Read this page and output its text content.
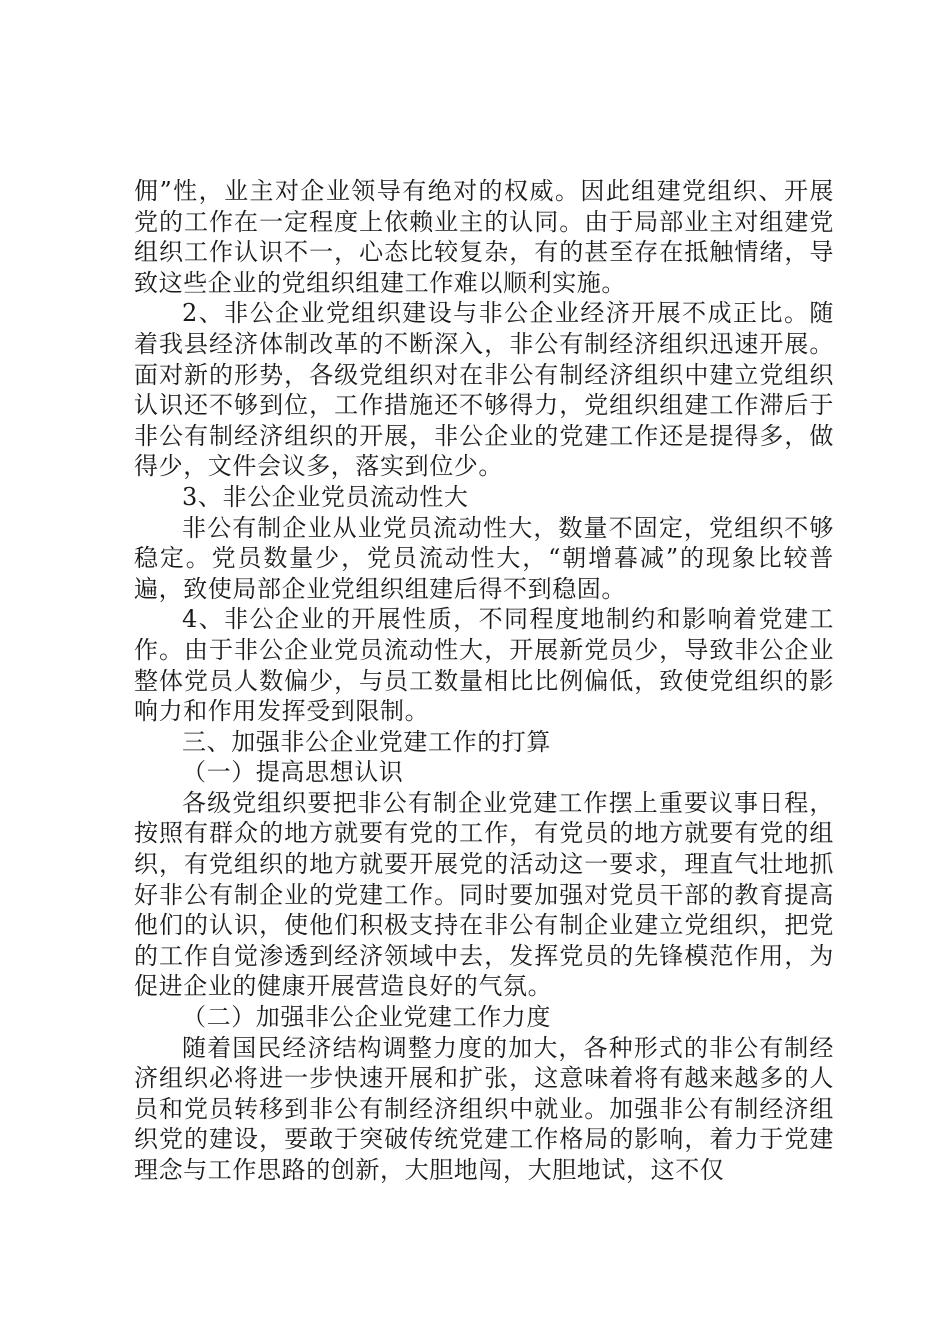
佣”性，业主对企业领导有绝对的权威。因此组建党组织、开展党的工作在一定程度上依赖业主的认同。由于局部业主对组建党组织工作认识不一，心态比较复杂，有的甚至存在抵触情绪，导致这些企业的党组织组建工作难以顺利实施。

2、非公企业党组织建设与非公企业经济开展不成正比。随着我县经济体制改革的不断深入，非公有制经济组织迅速开展。面对新的形势，各级党组织对在非公有制经济组织中建立党组织认识还不够到位，工作措施还不够得力，党组织组建工作滞后于非公有制经济组织的开展，非公企业的党建工作还是提得多，做得少，文件会议多，落实到位少。

3、非公企业党员流动性大

非公有制企业从业党员流动性大，数量不固定，党组织不够稳定。党员数量少，党员流动性大，“朝增暮减”的现象比较普遍，致使局部企业党组织组建后得不到稳固。

4、非公企业的开展性质，不同程度地制约和影响着党建工作。由于非公企业党员流动性大，开展新党员少，导致非公企业整体党员人数偏少，与员工数量相比比例偏低，致使党组织的影响力和作用发挥受到限制。

三、加强非公企业党建工作的打算

（一）提高思想认识

各级党组织要把非公有制企业党建工作摆上重要议事日程，按照有群众的地方就要有党的工作，有党员的地方就要有党的组织，有党组织的地方就要开展党的活动这一要求，理直气壮地抓好非公有制企业的党建工作。同时要加强对党员干部的教育提高他们的认识，使他们积极支持在非公有制企业建立党组织，把党的工作自觉渗透到经济领域中去，发挥党员的先锋模范作用，为促进企业的健康开展营造良好的气氛。

（二）加强非公企业党建工作力度

随着国民经济结构调整力度的加大，各种形式的非公有制经济组织必将进一步快速开展和扩张，这意味着将有越来越多的人员和党员转移到非公有制经济组织中就业。加强非公有制经济组织党的建设，要敢于突破传统党建工作格局的影响，着力于党建理念与工作思路的创新，大胆地闯，大胆地试，这不仅
